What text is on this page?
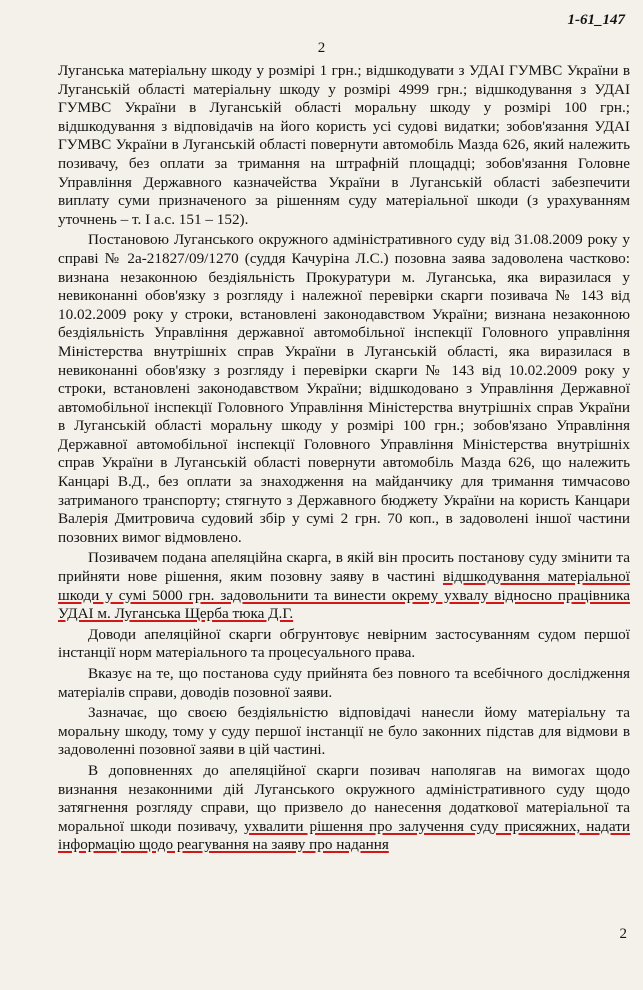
1-61_147
2

Луганська матеріальну шкоду у розмірі 1 грн.; відшкодувати з УДАІ ГУМВС України в Луганській області матеріальну шкоду у розмірі 4999 грн.; відшкодування з УДАІ ГУМВС України в Луганській області моральну шкоду у розмірі 100 грн.; відшкодування з відповідачів на його користь усі судові видатки; зобов'язання УДАІ ГУМВС України в Луганській області повернути автомобіль Мазда 626, який належить позивачу, без оплати за тримання на штрафній площадці; зобов'язання Головне Управління Державного казначейства України в Луганській області забезпечити виплату суми призначеного за рішенням суду матеріальної шкоди (з урахуванням уточнень – т. І а.с. 151 – 152).

Постановою Луганського окружного адміністративного суду від 31.08.2009 року у справі № 2а-21827/09/1270 (суддя Качуріна Л.С.) позовна заява задоволена частково: визнана незаконною бездіяльність Прокуратури м. Луганська, яка виразилася у невиконанні обов'язку з розгляду і належної перевірки скарги позивача № 143 від 10.02.2009 року у строки, встановлені законодавством України; визнана незаконною бездіяльність Управління державної автомобільної інспекції Головного управління Міністерства внутрішніх справ України в Луганській області, яка виразилася в невиконанні обов'язку з розгляду і перевірки скарги № 143 від 10.02.2009 року у строки, встановлені законодавством України; відшкодовано з Управління Державної автомобільної інспекції Головного Управління Міністерства внутрішніх справ України в Луганській області моральну шкоду у розмірі 100 грн.; зобов'язано Управління Державної автомобільної інспекції Головного Управління Міністерства внутрішніх справ України в Луганській області повернути автомобіль Мазда 626, що належить Канцарі В.Д., без оплати за знаходження на майданчику для тримання тимчасово затриманого транспорту; стягнуто з Державного бюджету України на користь Канцари Валерія Дмитровича судовий збір у сумі 2 грн. 70 коп., в задоволені іншої частини позовних вимог відмовлено.

Позивачем подана апеляційна скарга, в якій він просить постанову суду змінити та прийняти нове рішення, яким позовну заяву в частині відшкодування матеріальної шкоди у сумі 5000 грн. задовольнити та винести окрему ухвалу відносно працівника УДАІ м. Луганська Щерба тюка Д.Г.

Доводи апеляційної скарги обгрунтовує невірним застосуванням судом першої інстанції норм матеріального та процесуального права.

Вказує на те, що постанова суду прийнята без повного та всебічного дослідження матеріалів справи, доводів позовної заяви.

Зазначає, що своєю бездіяльністю відповідачі нанесли йому матеріальну та моральну шкоду, тому у суду першої інстанції не було законних підстав для відмови в задоволенні позовної заяви в цій частині.

В доповненнях до апеляційної скарги позивач наполягав на вимогах щодо визнання незаконними дій Луганського окружного адміністративного суду щодо затягнення розгляду справи, що призвело до нанесення додаткової матеріальної та моральної шкоди позивачу, ухвалити рішення про залучення суду присяжних, надати інформацію щодо реагування на заяву про надання

2
